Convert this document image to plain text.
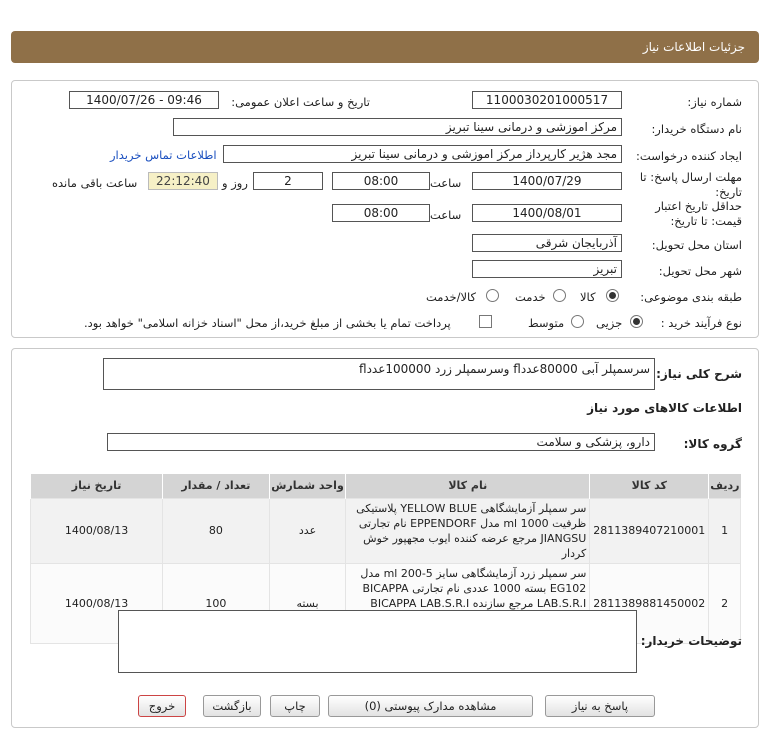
جزئیات اطلاعات نیاز
شماره نیاز:
1100030201000517
تاریخ و ساعت اعلان عمومی:
1400/07/26 - 09:46
نام دستگاه خریدار:
مرکز اموزشی و درمانی سینا تبریز
ایجاد کننده درخواست:
مجد هژیر کارپرداز مرکز اموزشی و درمانی سینا تبریز
اطلاعات تماس خریدار
مهلت ارسال پاسخ: تا
تاریخ:
1400/07/29
ساعت
08:00
2
روز و
22:12:40
ساعت باقی مانده
حداقل تاریخ اعتبار
قیمت: تا تاریخ:
1400/08/01
ساعت
08:00
استان محل تحویل:
آذربایجان شرقی
شهر محل تحویل:
تبریز
طبقه بندی موضوعی:
کالا
خدمت
کالا/خدمت
نوع فرآیند خرید :
جزیی
متوسط
پرداخت تمام یا بخشی از مبلغ خرید،از محل "اسناد خزانه اسلامی" خواهد بود.
شرح کلی نیاز:
سرسمپلر آبی 80000عددfl وسرسمپلر زرد 100000عددfl
اطلاعات کالاهای مورد نیاز
گروه کالا:
دارو، پزشکی و سلامت
ردیف	کد کالا	نام کالا	واحد شمارش	تعداد / مقدار	تاریخ نیاز
1	2811389407210001	سر سمپلر آزمایشگاهی YELLOW BLUE پلاستیکی ظرفیت 1000 ml مدل EPPENDORF نام تجارتی JIANGSU مرجع عرضه کننده ایوب مجهپور خوش کردار	عدد	80	1400/08/13
2	2811389881450002	سر سمپلر زرد آزمایشگاهی سایز ml 200-5 مدل EG102 بسته 1000 عددی نام تجارتی BICAPPA LAB.S.R.I مرجع سازنده BICAPPA LAB.S.R.I	بسته	100	1400/08/13
توضیحات خریدار:
پاسخ به نیاز
مشاهده مدارک پیوستی (0)
چاپ
بازگشت
خروج
